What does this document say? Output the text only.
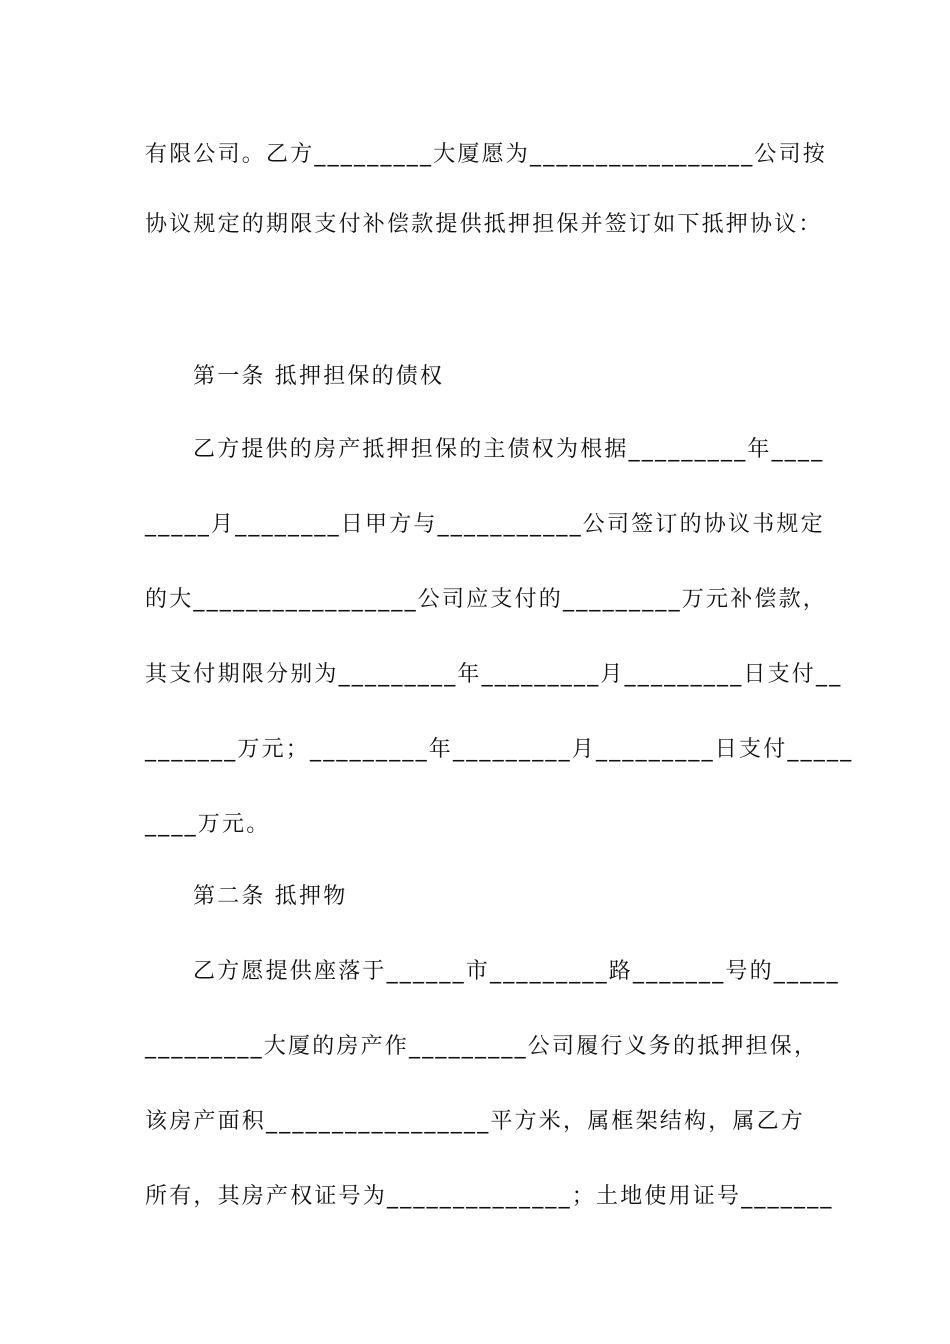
有限公司。乙方_________大厦愿为_________________公司按
协议规定的期限支付补偿款提供抵押担保并签订如下抵押协议：
第一条 抵押担保的债权
乙方提供的房产抵押担保的主债权为根据_________年____
_____月________日甲方与___________公司签订的协议书规定
的大_________________公司应支付的_________万元补偿款，
其支付期限分别为_________年_________月_________日支付__
_______万元；_________年_________月_________日支付_____
____万元。
第二条 抵押物
乙方愿提供座落于______市_________路_______号的_____
_________大厦的房产作_________公司履行义务的抵押担保，
该房产面积_________________平方米，属框架结构，属乙方
所有，其房产权证号为______________；土地使用证号_______
